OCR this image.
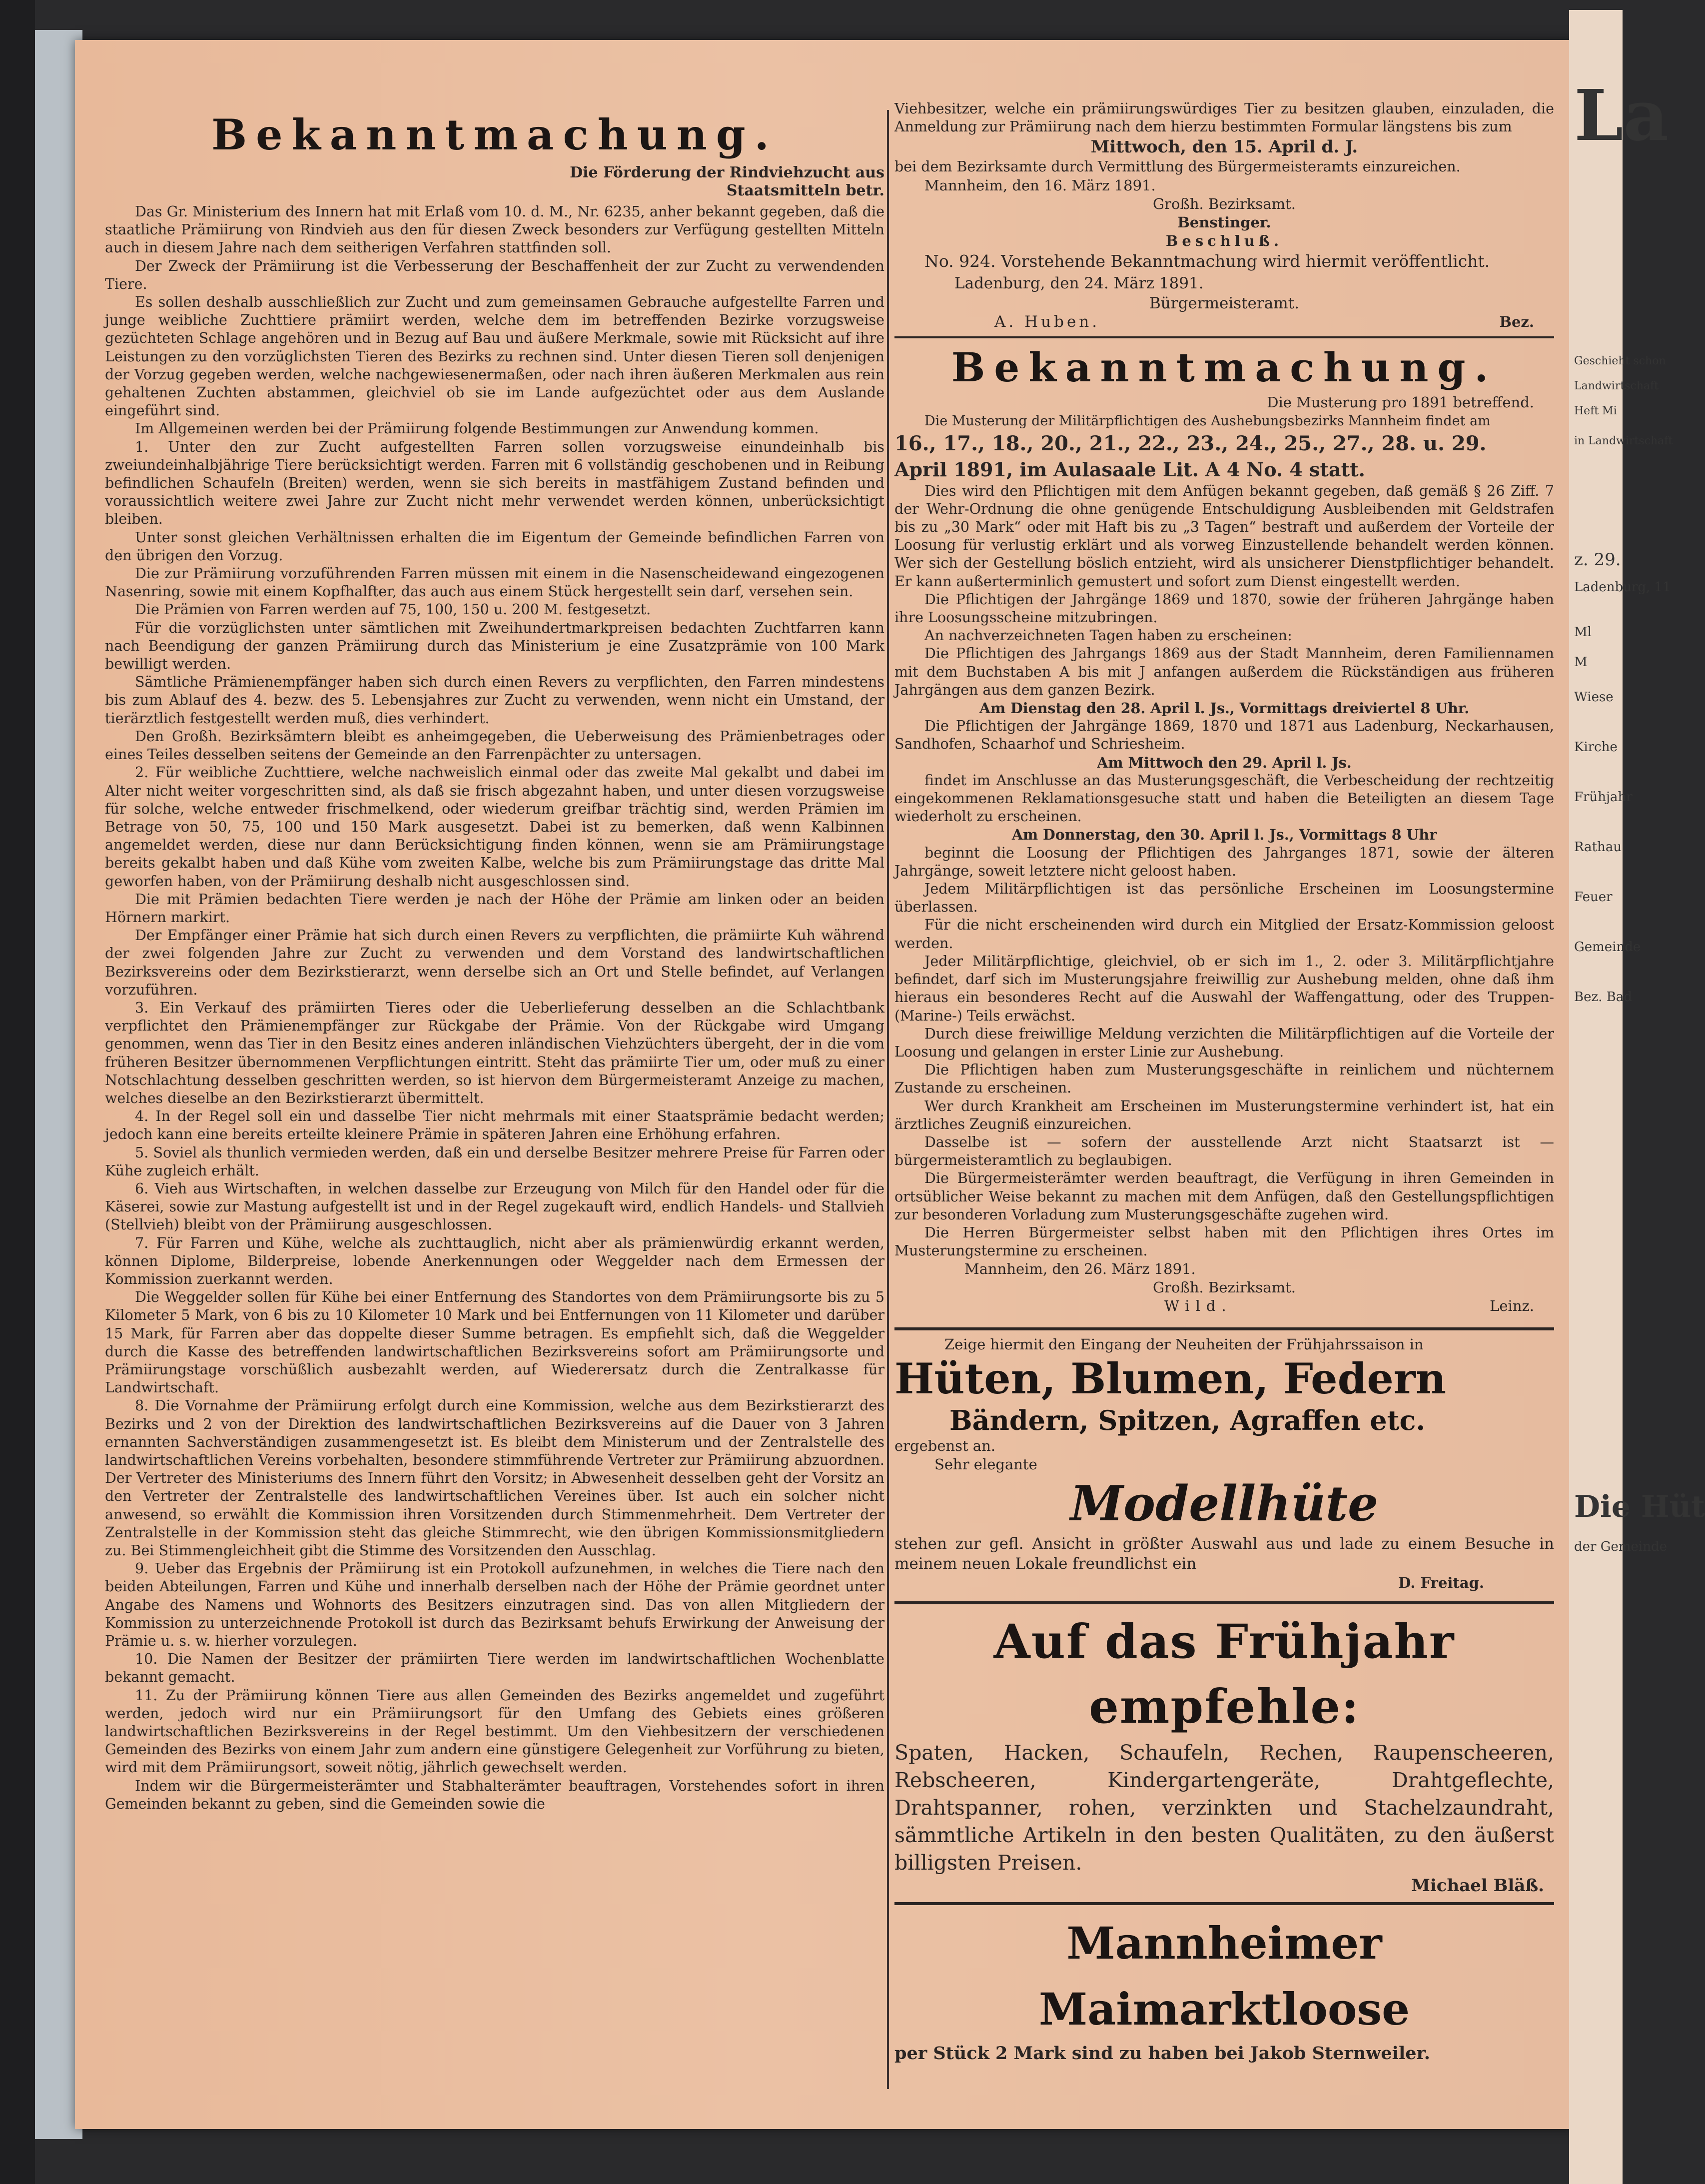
Bekanntmachung.

Die Förderung der Rindviehzucht aus Staatsmitteln betr.

Das Gr. Ministerium des Innern hat mit Erlaß vom 10. d. M., Nr. 6235, anher bekannt gegeben, daß die staatliche Prämiirung von Rindvieh aus den für diesen Zweck besonders zur Verfügung gestellten Mitteln auch in diesem Jahre nach dem seitherigen Verfahren stattfinden soll.

Der Zweck der Prämiirung ist die Verbesserung der Beschaffenheit der zur Zucht zu verwendenden Tiere.

Es sollen deshalb ausschließlich zur Zucht und zum gemeinsamen Gebrauche aufgestellte Farren und junge weibliche Zuchttiere prämiirt werden, welche dem im betreffenden Bezirke vorzugsweise gezüchteten Schlage angehören und in Bezug auf Bau und äußere Merkmale, sowie mit Rücksicht auf ihre Leistungen zu den vorzüglichsten Tieren des Bezirks zu rechnen sind. Unter diesen Tieren soll denjenigen der Vorzug gegeben werden, welche nachgewiesenermaßen, oder nach ihren äußeren Merkmalen aus rein gehaltenen Zuchten abstammen, gleichviel ob sie im Lande aufgezüchtet oder aus dem Auslande eingeführt sind.

Im Allgemeinen werden bei der Prämiirung folgende Bestimmungen zur Anwendung kommen.

1. Unter den zur Zucht aufgestellten Farren sollen vorzugsweise einundeinhalb bis zweiundeinhalbjährige Tiere berücksichtigt werden. Farren mit 6 vollständig geschobenen und in Reibung befindlichen Schaufeln (Breiten) werden, wenn sie sich bereits in mastfähigem Zustand befinden und voraussichtlich weitere zwei Jahre zur Zucht nicht mehr verwendet werden können, unberücksichtigt bleiben.

Unter sonst gleichen Verhältnissen erhalten die im Eigentum der Gemeinde befindlichen Farren von den übrigen den Vorzug.

Die zur Prämiirung vorzuführenden Farren müssen mit einem in die Nasenscheidewand eingezogenen Nasenring, sowie mit einem Kopfhalfter, das auch aus einem Stück hergestellt sein darf, versehen sein.

Die Prämien von Farren werden auf 75, 100, 150 u. 200 M. festgesetzt.

Für die vorzüglichsten unter sämtlichen mit Zweihundertmarkpreisen bedachten Zuchtfarren kann nach Beendigung der ganzen Prämiirung durch das Ministerium je eine Zusatzprämie von 100 Mark bewilligt werden.

Sämtliche Prämienempfänger haben sich durch einen Revers zu verpflichten, den Farren mindestens bis zum Ablauf des 4. bezw. des 5. Lebensjahres zur Zucht zu verwenden, wenn nicht ein Umstand, der tierärztlich festgestellt werden muß, dies verhindert.

Den Großh. Bezirksämtern bleibt es anheimgegeben, die Ueberweisung des Prämienbetrages oder eines Teiles desselben seitens der Gemeinde an den Farrenpächter zu untersagen.

2. Für weibliche Zuchttiere, welche nachweislich einmal oder das zweite Mal gekalbt und dabei im Alter nicht weiter vorgeschritten sind, als daß sie frisch abgezahnt haben, und unter diesen vorzugsweise für solche, welche entweder frischmelkend, oder wiederum greifbar trächtig sind, werden Prämien im Betrage von 50, 75, 100 und 150 Mark ausgesetzt. Dabei ist zu bemerken, daß wenn Kalbinnen angemeldet werden, diese nur dann Berücksichtigung finden können, wenn sie am Prämiirungstage bereits gekalbt haben und daß Kühe vom zweiten Kalbe, welche bis zum Prämiirungstage das dritte Mal geworfen haben, von der Prämiirung deshalb nicht ausgeschlossen sind.

Die mit Prämien bedachten Tiere werden je nach der Höhe der Prämie am linken oder an beiden Hörnern markirt.

Der Empfänger einer Prämie hat sich durch einen Revers zu verpflichten, die prämiirte Kuh während der zwei folgenden Jahre zur Zucht zu verwenden und dem Vorstand des landwirtschaftlichen Bezirksvereins oder dem Bezirkstierarzt, wenn derselbe sich an Ort und Stelle befindet, auf Verlangen vorzuführen.

3. Ein Verkauf des prämiirten Tieres oder die Ueberlieferung desselben an die Schlachtbank verpflichtet den Prämienempfänger zur Rückgabe der Prämie. Von der Rückgabe wird Umgang genommen, wenn das Tier in den Besitz eines anderen inländischen Viehzüchters übergeht, der in die vom früheren Besitzer übernommenen Verpflichtungen eintritt. Steht das prämiirte Tier um, oder muß zu einer Notschlachtung desselben geschritten werden, so ist hiervon dem Bürgermeisteramt Anzeige zu machen, welches dieselbe an den Bezirkstierarzt übermittelt.

4. In der Regel soll ein und dasselbe Tier nicht mehrmals mit einer Staatsprämie bedacht werden; jedoch kann eine bereits erteilte kleinere Prämie in späteren Jahren eine Erhöhung erfahren.

5. Soviel als thunlich vermieden werden, daß ein und derselbe Besitzer mehrere Preise für Farren oder Kühe zugleich erhält.

6. Vieh aus Wirtschaften, in welchen dasselbe zur Erzeugung von Milch für den Handel oder für die Käserei, sowie zur Mastung aufgestellt ist und in der Regel zugekauft wird, endlich Handels- und Stallvieh (Stellvieh) bleibt von der Prämiirung ausgeschlossen.

7. Für Farren und Kühe, welche als zuchttauglich, nicht aber als prämienwürdig erkannt werden, können Diplome, Bilderpreise, lobende Anerkennungen oder Weggelder nach dem Ermessen der Kommission zuerkannt werden.

Die Weggelder sollen für Kühe bei einer Entfernung des Standortes von dem Prämiirungsorte bis zu 5 Kilometer 5 Mark, von 6 bis zu 10 Kilometer 10 Mark und bei Entfernungen von 11 Kilometer und darüber 15 Mark, für Farren aber das doppelte dieser Summe betragen. Es empfiehlt sich, daß die Weggelder durch die Kasse des betreffenden landwirtschaftlichen Bezirksvereins sofort am Prämiirungsorte und Prämiirungstage vorschüßlich ausbezahlt werden, auf Wiederersatz durch die Zentralkasse für Landwirtschaft.

8. Die Vornahme der Prämiirung erfolgt durch eine Kommission, welche aus dem Bezirkstierarzt des Bezirks und 2 von der Direktion des landwirtschaftlichen Bezirksvereins auf die Dauer von 3 Jahren ernannten Sachverständigen zusammengesetzt ist. Es bleibt dem Ministerum und der Zentralstelle des landwirtschaftlichen Vereins vorbehalten, besondere stimmführende Vertreter zur Prämiirung abzuordnen. Der Vertreter des Ministeriums des Innern führt den Vorsitz; in Abwesenheit desselben geht der Vorsitz an den Vertreter der Zentralstelle des landwirtschaftlichen Vereines über. Ist auch ein solcher nicht anwesend, so erwählt die Kommission ihren Vorsitzenden durch Stimmenmehrheit. Dem Vertreter der Zentralstelle in der Kommission steht das gleiche Stimmrecht, wie den übrigen Kommissionsmitgliedern zu. Bei Stimmengleichheit gibt die Stimme des Vorsitzenden den Ausschlag.

9. Ueber das Ergebnis der Prämiirung ist ein Protokoll aufzunehmen, in welches die Tiere nach den beiden Abteilungen, Farren und Kühe und innerhalb derselben nach der Höhe der Prämie geordnet unter Angabe des Namens und Wohnorts des Besitzers einzutragen sind. Das von allen Mitgliedern der Kommission zu unterzeichnende Protokoll ist durch das Bezirksamt behufs Erwirkung der Anweisung der Prämie u. s. w. hierher vorzulegen.

10. Die Namen der Besitzer der prämiirten Tiere werden im landwirtschaftlichen Wochenblatte bekannt gemacht.

11. Zu der Prämiirung können Tiere aus allen Gemeinden des Bezirks angemeldet und zugeführt werden, jedoch wird nur ein Prämiirungsort für den Umfang des Gebiets eines größeren landwirtschaftlichen Bezirksvereins in der Regel bestimmt. Um den Viehbesitzern der verschiedenen Gemeinden des Bezirks von einem Jahr zum andern eine günstigere Gelegenheit zur Vorführung zu bieten, wird mit dem Prämiirungsort, soweit nötig, jährlich gewechselt werden.

Indem wir die Bürgermeisterämter und Stabhalterämter beauftragen, Vorstehendes sofort in ihren Gemeinden bekannt zu geben, sind die Gemeinden sowie die

Viehbesitzer, welche ein prämiirungswürdiges Tier zu besitzen glauben, einzuladen, die Anmeldung zur Prämiirung nach dem hierzu bestimmten Formular längstens bis zum

Mittwoch, den 15. April d. J.

bei dem Bezirksamte durch Vermittlung des Bürgermeisteramts einzureichen.

Mannheim, den 16. März 1891.

Großh. Bezirksamt.

Benstinger.

Beschluß.

No. 924. Vorstehende Bekanntmachung wird hiermit veröffentlicht.

Ladenburg, den 24. März 1891.

Bürgermeisteramt.

A. Huben.	Bez.
Bekanntmachung.

Die Musterung pro 1891 betreffend.

Die Musterung der Militärpflichtigen des Aushebungsbezirks Mannheim findet am

16., 17., 18., 20., 21., 22., 23., 24., 25., 27., 28. u. 29.

April 1891, im Aulasaale Lit. A 4 No. 4 statt.

Dies wird den Pflichtigen mit dem Anfügen bekannt gegeben, daß gemäß § 26 Ziff. 7 der Wehr-Ordnung die ohne genügende Entschuldigung Ausbleibenden mit Geldstrafen bis zu „30 Mark“ oder mit Haft bis zu „3 Tagen“ bestraft und außerdem der Vorteile der Loosung für verlustig erklärt und als vorweg Einzustellende behandelt werden können. Wer sich der Gestellung böslich entzieht, wird als unsicherer Dienstpflichtiger behandelt. Er kann außerterminlich gemustert und sofort zum Dienst eingestellt werden.

Die Pflichtigen der Jahrgänge 1869 und 1870, sowie der früheren Jahrgänge haben ihre Loosungsscheine mitzubringen.

An nachverzeichneten Tagen haben zu erscheinen:

Die Pflichtigen des Jahrgangs 1869 aus der Stadt Mannheim, deren Familiennamen mit dem Buchstaben A bis mit J anfangen außerdem die Rückständigen aus früheren Jahrgängen aus dem ganzen Bezirk.

Am Dienstag den 28. April l. Js., Vormittags dreiviertel 8 Uhr.

Die Pflichtigen der Jahrgänge 1869, 1870 und 1871 aus Ladenburg, Neckarhausen, Sandhofen, Schaarhof und Schriesheim.

Am Mittwoch den 29. April l. Js.

findet im Anschlusse an das Musterungsgeschäft, die Verbescheidung der rechtzeitig eingekommenen Reklamationsgesuche statt und haben die Beteiligten an diesem Tage wiederholt zu erscheinen.

Am Donnerstag, den 30. April l. Js., Vormittags 8 Uhr

beginnt die Loosung der Pflichtigen des Jahrganges 1871, sowie der älteren Jahrgänge, soweit letztere nicht geloost haben.

Jedem Militärpflichtigen ist das persönliche Erscheinen im Loosungstermine überlassen.

Für die nicht erscheinenden wird durch ein Mitglied der Ersatz-Kommission geloost werden.

Jeder Militärpflichtige, gleichviel, ob er sich im 1., 2. oder 3. Militärpflichtjahre befindet, darf sich im Musterungsjahre freiwillig zur Aushebung melden, ohne daß ihm hieraus ein besonderes Recht auf die Auswahl der Waffengattung, oder des Truppen- (Marine-) Teils erwächst.

Durch diese freiwillige Meldung verzichten die Militärpflichtigen auf die Vorteile der Loosung und gelangen in erster Linie zur Aushebung.

Die Pflichtigen haben zum Musterungsgeschäfte in reinlichem und nüchternem Zustande zu erscheinen.

Wer durch Krankheit am Erscheinen im Musterungstermine verhindert ist, hat ein ärztliches Zeugniß einzureichen.

Dasselbe ist — sofern der ausstellende Arzt nicht Staatsarzt ist — bürgermeisteramtlich zu beglaubigen.

Die Bürgermeisterämter werden beauftragt, die Verfügung in ihren Gemeinden in ortsüblicher Weise bekannt zu machen mit dem Anfügen, daß den Gestellungspflichtigen zur besonderen Vorladung zum Musterungsgeschäfte zugehen wird.

Die Herren Bürgermeister selbst haben mit den Pflichtigen ihres Ortes im Musterungstermine zu erscheinen.

Mannheim, den 26. März 1891.

Großh. Bezirksamt.

Wild.	Leinz.

Zeige hiermit den Eingang der Neuheiten der Frühjahrssaison in

Hüten, Blumen, Federn

Bändern, Spitzen, Agraffen etc.

ergebenst an.

Sehr elegante

Modellhüte

stehen zur gefl. Ansicht in größter Auswahl aus und lade zu einem Besuche in meinem neuen Lokale freundlichst ein

D. Freitag.

Auf das Frühjahr empfehle:

Spaten, Hacken, Schaufeln, Rechen, Raupenscheeren, Rebscheeren, Kindergartengeräte, Drahtgeflechte, Drahtspanner, rohen, verzinkten und Stachelzaundraht, sämmtliche Artikeln in den besten Qualitäten, zu den äußerst billigsten Preisen.

Michael Bläß.

Mannheimer Maimarktloose

per Stück 2 Mark sind zu haben bei Jakob Sternweiler.

La
Geschieht schon
Landwirtschaft
Heft Mi
in Landwirtschaft
z. 29.
Ladenburg, 11
Ml
M
Wiese
Kirche
Frühjahr
Rathau
Feuer
Gemeinde
Bez. Bad
Die Hüt
der Gemeinde
